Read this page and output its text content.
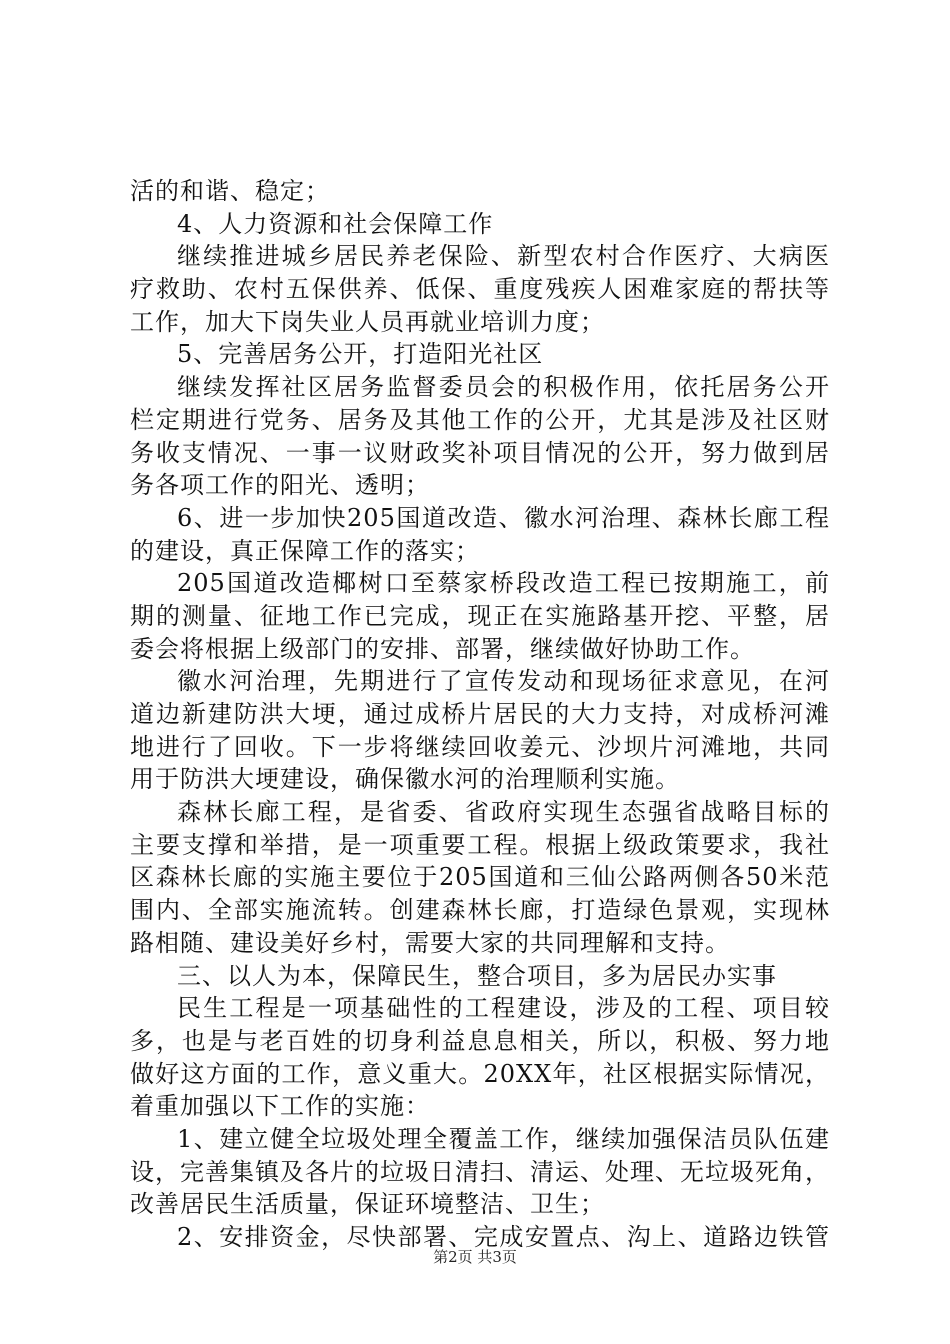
活的和谐、稳定；
4、人力资源和社会保障工作
继续推进城乡居民养老保险、新型农村合作医疗、大病医
疗救助、农村五保供养、低保、重度残疾人困难家庭的帮扶等
工作，加大下岗失业人员再就业培训力度；
5、完善居务公开，打造阳光社区
继续发挥社区居务监督委员会的积极作用，依托居务公开
栏定期进行党务、居务及其他工作的公开，尤其是涉及社区财
务收支情况、一事一议财政奖补项目情况的公开，努力做到居
务各项工作的阳光、透明；
6、进一步加快205国道改造、徽水河治理、森林长廊工程
的建设，真正保障工作的落实；
205国道改造椰树口至蔡家桥段改造工程已按期施工，前
期的测量、征地工作已完成，现正在实施路基开挖、平整，居
委会将根据上级部门的安排、部署，继续做好协助工作。
徽水河治理，先期进行了宣传发动和现场征求意见，在河
道边新建防洪大埂，通过成桥片居民的大力支持，对成桥河滩
地进行了回收。下一步将继续回收姜元、沙坝片河滩地，共同
用于防洪大埂建设，确保徽水河的治理顺利实施。
森林长廊工程，是省委、省政府实现生态强省战略目标的
主要支撑和举措，是一项重要工程。根据上级政策要求，我社
区森林长廊的实施主要位于205国道和三仙公路两侧各50米范
围内、全部实施流转。创建森林长廊，打造绿色景观，实现林
路相随、建设美好乡村，需要大家的共同理解和支持。
三、以人为本，保障民生，整合项目，多为居民办实事
民生工程是一项基础性的工程建设，涉及的工程、项目较
多，也是与老百姓的切身利益息息相关，所以，积极、努力地
做好这方面的工作，意义重大。20XX年，社区根据实际情况，
着重加强以下工作的实施：
1、建立健全垃圾处理全覆盖工作，继续加强保洁员队伍建
设，完善集镇及各片的垃圾日清扫、清运、处理、无垃圾死角，
改善居民生活质量，保证环境整洁、卫生；
2、安排资金，尽快部署、完成安置点、沟上、道路边铁管
第2页 共3页
